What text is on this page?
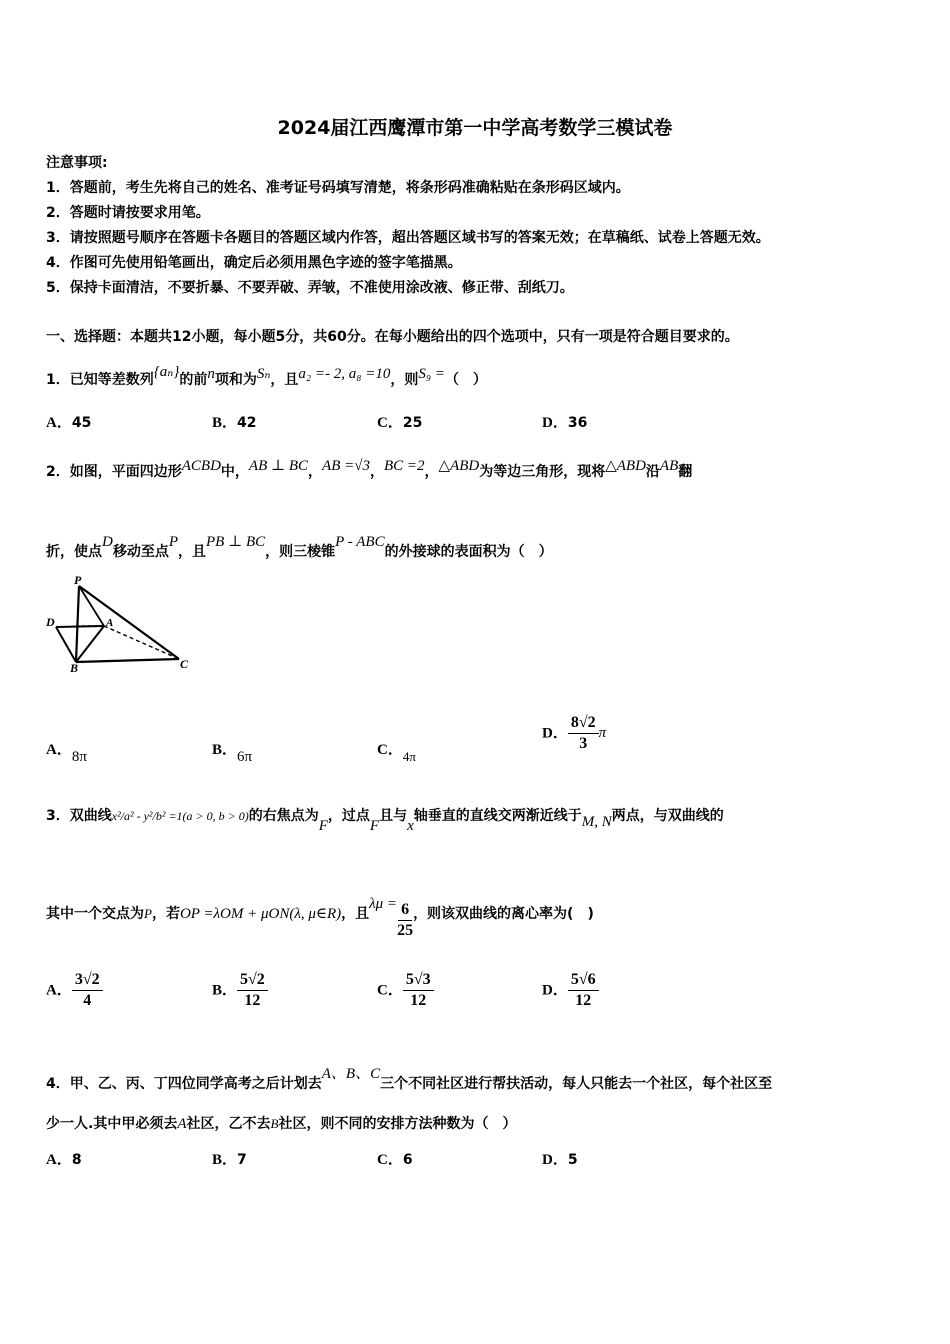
2024届江西鹰潭市第一中学高考数学三模试卷
注意事项:
1．答题前，考生先将自己的姓名、准考证号码填写清楚，将条形码准确粘贴在条形码区域内。
2．答题时请按要求用笔。
3．请按照题号顺序在答题卡各题目的答题区域内作答，超出答题区域书写的答案无效；在草稿纸、试卷上答题无效。
4．作图可先使用铅笔画出，确定后必须用黑色字迹的签字笔描黑。
5．保持卡面清洁，不要折暴、不要弄破、弄皱，不准使用涂改液、修正带、刮纸刀。
一、选择题：本题共12小题，每小题5分，共60分。在每小题给出的四个选项中，只有一项是符合题目要求的。
1．已知等差数列{aₙ}的前n项和为Sₙ，且a₂ =- 2, a₈ =10，则S₉ =（　）
A．45	B．42	C．25	D．36
2．如图，平面四边形ACBD中，AB ⊥ BC，AB =√3，BC =2，△ABD为等边三角形，现将△ABD沿AB翻
折，使点D移动至点P，且PB ⊥ BC，则三棱锥P - ABC的外接球的表面积为（　）
P
D	A
B	C
A．8π	B．6π	C．4π
D． $\frac{8√2}{3}$ π
3．双曲线x²/a² - y²/b² =1(a > 0, b > 0)的右焦点为F，过点F且与x轴垂直的直线交两渐近线于M, N两点，与双曲线的
其中一个交点为P，若OP =λOM + μON(λ, μ∈R)，且$\lambda\mu = \frac{6}{25}$ ，则该双曲线的离心率为(　)
A． $\frac{3√2}{4}$	B． $\frac{5√2}{12}$	C． $\frac{5√3}{12}$	D． $\frac{5√6}{12}$
4．甲、乙、丙、丁四位同学高考之后计划去A、B、C三个不同社区进行帮扶活动，每人只能去一个社区，每个社区至
少一人.其中甲必须去A社区，乙不去B社区，则不同的安排方法种数为（　）
A．8	B．7	C．6	D．5
